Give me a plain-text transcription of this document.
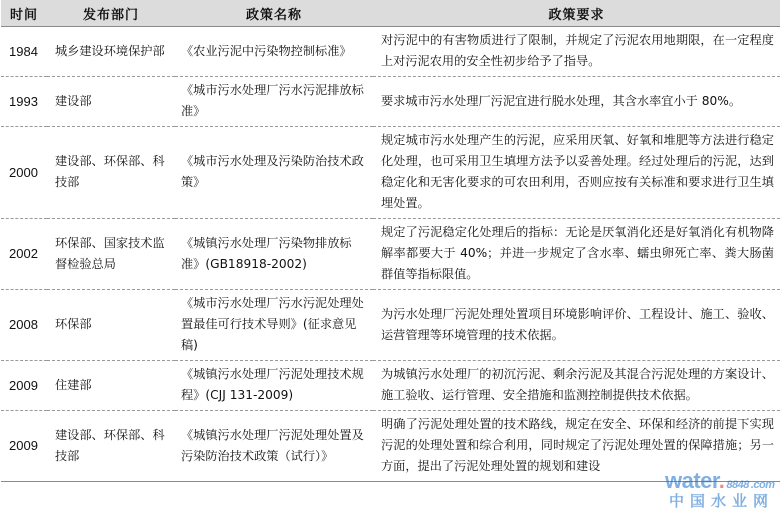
时间	发布部门	政策名称	政策要求
1984	城乡建设环境保护部	《农业污泥中污染物控制标准》	对污泥中的有害物质进行了限制，并规定了污泥农用地期限，在一定程度上对污泥农用的安全性初步给予了指导。
1993	建设部	《城市污水处理厂污水污泥排放标准》	要求城市污水处理厂污泥宜进行脱水处理，其含水率宜小于 80%。
2000	建设部、环保部、科技部	《城市污水处理及污染防治技术政策》	规定城市污水处理产生的污泥，应采用厌氧、好氧和堆肥等方法进行稳定化处理，也可采用卫生填埋方法予以妥善处理。经过处理后的污泥，达到稳定化和无害化要求的可农田利用，否则应按有关标准和要求进行卫生填埋处置。
2002	环保部、国家技术监督检验总局	《城镇污水处理厂污染物排放标准》(GB18918-2002)	规定了污泥稳定化处理后的指标：无论是厌氧消化还是好氧消化有机物降解率都要大于 40%；并进一步规定了含水率、蠕虫卵死亡率、粪大肠菌群值等指标限值。
2008	环保部	《城市污水处理厂污水污泥处理处置最佳可行技术导则》(征求意见稿)	为污水处理厂污泥处理处置项目环境影响评价、工程设计、施工、验收、运营管理等环境管理的技术依据。
2009	住建部	《城镇污水处理厂污泥处理技术规程》(CJJ 131-2009)	为城镇污水处理厂的初沉污泥、剩余污泥及其混合污泥处理的方案设计、施工验收、运行管理、安全措施和监测控制提供技术依据。
2009	建设部、环保部、科技部	《城镇污水处理厂污泥处理处置及污染防治技术政策（试行）》	明确了污泥处理处置的技术路线，规定在安全、环保和经济的前提下实现污泥的处理处置和综合利用，同时规定了污泥处理处置的保障措施；另一方面，提出了污泥处理处置的规划和建设
water. 8848 .com
中国水业网
